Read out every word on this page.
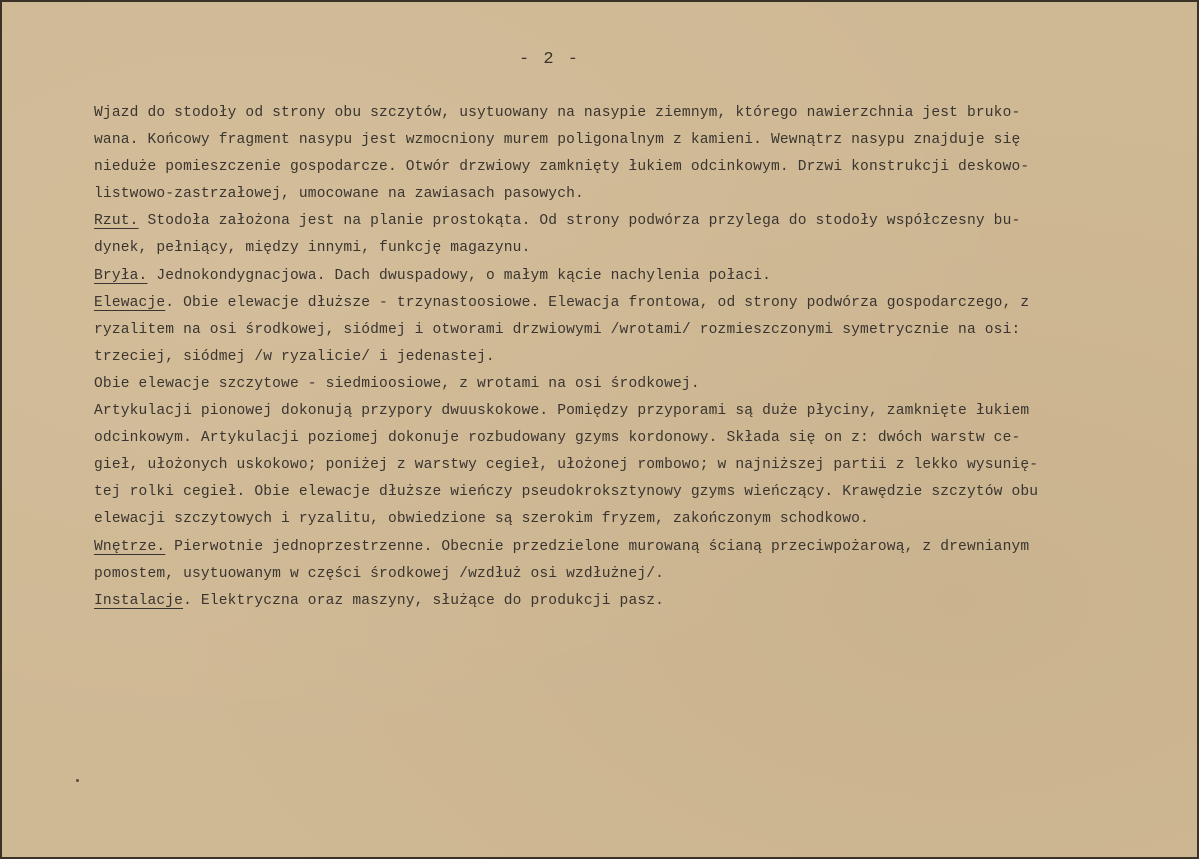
- 2 -
Wjazd do stodoły od strony obu szczytów, usytuowany na nasypie ziemnym, którego nawierzchnia jest bruko-
wana. Końcowy fragment nasypu jest wzmocniony murem poligonalnym z kamieni. Wewnątrz nasypu znajduje się
nieduże pomieszczenie gospodarcze. Otwór drzwiowy zamknięty łukiem odcinkowym. Drzwi konstrukcji deskowo-
listwowo-zastrzałowej, umocowane na zawiasach pasowych.
Rzut. Stodoła założona jest na planie prostokąta. Od strony podwórza przylega do stodoły współczesny bu-
dynek, pełniący, między innymi, funkcję magazynu.
Bryła. Jednokondygnacjowa. Dach dwuspadowy, o małym kącie nachylenia połaci.
Elewacje. Obie elewacje dłuższe - trzynastoosiowe. Elewacja frontowa, od strony podwórza gospodarczego, z
ryzalitem na osi środkowej, siódmej i otworami drzwiowymi /wrotami/ rozmieszczonymi symetrycznie na osi:
trzeciej, siódmej /w ryzalicie/ i jedenastej.
Obie elewacje szczytowe - siedmioosiowe, z wrotami na osi środkowej.
Artykulacji pionowej dokonują przypory dwuuskokowe. Pomiędzy przyporami są duże płyciny, zamknięte łukiem
odcinkowym. Artykulacji poziomej dokonuje rozbudowany gzyms kordonowy. Składa się on z: dwóch warstw ce-
gieł, ułożonych uskokowo; poniżej z warstwy cegieł, ułożonej rombowo; w najniższej partii z lekko wysunię-
tej rolki cegieł. Obie elewacje dłuższe wieńczy pseudokroksztynowy gzyms wieńczący. Krawędzie szczytów obu
elewacji szczytowych i ryzalitu, obwiedzione są szerokim fryzem, zakończonym schodkowo.
Wnętrze. Pierwotnie jednoprzestrzenne. Obecnie przedzielone murowaną ścianą przeciwpożarową, z drewnianym
pomostem, usytuowanym w części środkowej /wzdłuż osi wzdłużnej/.
Instalacje. Elektryczna oraz maszyny, służące do produkcji pasz.
